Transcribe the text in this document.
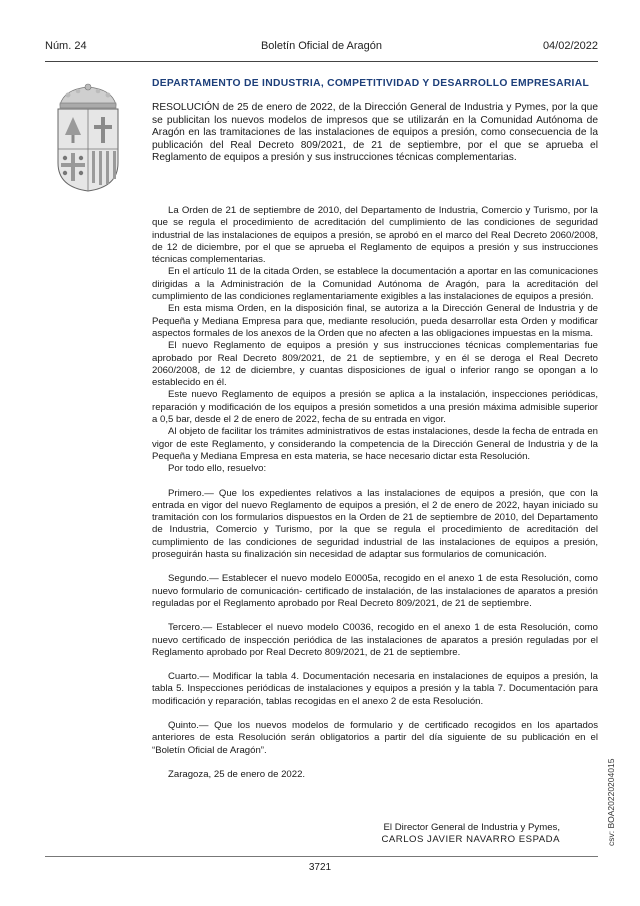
Núm. 24	Boletín Oficial de Aragón	04/02/2022

DEPARTAMENTO DE INDUSTRIA, COMPETITIVIDAD Y DESARROLLO EMPRESARIAL

RESOLUCIÓN de 25 de enero de 2022, de la Dirección General de Industria y Pymes, por la que se publicitan los nuevos modelos de impresos que se utilizarán en la Comunidad Autónoma de Aragón en las tramitaciones de las instalaciones de equipos a presión, como consecuencia de la publicación del Real Decreto 809/2021, de 21 de septiembre, por el que se aprueba el Reglamento de equipos a presión y sus instrucciones técnicas complementarias.

La Orden de 21 de septiembre de 2010, del Departamento de Industria, Comercio y Turismo, por la que se regula el procedimiento de acreditación del cumplimiento de las condiciones de seguridad industrial de las instalaciones de equipos a presión, se aprobó en el marco del Real Decreto 2060/2008, de 12 de diciembre, por el que se aprueba el Reglamento de equipos a presión y sus instrucciones técnicas complementarias.

En el artículo 11 de la citada Orden, se establece la documentación a aportar en las comunicaciones dirigidas a la Administración de la Comunidad Autónoma de Aragón, para la acreditación del cumplimiento de las condiciones reglamentariamente exigibles a las instalaciones de equipos a presión.

En esta misma Orden, en la disposición final, se autoriza a la Dirección General de Industria y de Pequeña y Mediana Empresa para que, mediante resolución, pueda desarrollar esta Orden y modificar aspectos formales de los anexos de la Orden que no afecten a las obligaciones impuestas en la misma.

El nuevo Reglamento de equipos a presión y sus instrucciones técnicas complementarias fue aprobado por Real Decreto 809/2021, de 21 de septiembre, y en él se deroga el Real Decreto 2060/2008, de 12 de diciembre, y cuantas disposiciones de igual o inferior rango se opongan a lo establecido en él.

Este nuevo Reglamento de equipos a presión se aplica a la instalación, inspecciones periódicas, reparación y modificación de los equipos a presión sometidos a una presión máxima admisible superior a 0,5 bar, desde el 2 de enero de 2022, fecha de su entrada en vigor.

Al objeto de facilitar los trámites administrativos de estas instalaciones, desde la fecha de entrada en vigor de este Reglamento, y considerando la competencia de la Dirección General de Industria y de la Pequeña y Mediana Empresa en esta materia, se hace necesario dictar esta Resolución.

Por todo ello, resuelvo:

Primero.— Que los expedientes relativos a las instalaciones de equipos a presión, que con la entrada en vigor del nuevo Reglamento de equipos a presión, el 2 de enero de 2022, hayan iniciado su tramitación con los formularios dispuestos en la Orden de 21 de septiembre de 2010, del Departamento de Industria, Comercio y Turismo, por la que se regula el procedimiento de acreditación del cumplimiento de las condiciones de seguridad industrial de las instalaciones de equipos a presión, proseguirán hasta su finalización sin necesidad de adaptar sus formularios de comunicación.

Segundo.— Establecer el nuevo modelo E0005a, recogido en el anexo 1 de esta Resolución, como nuevo formulario de comunicación- certificado de instalación, de las instalaciones de aparatos a presión reguladas por el Reglamento aprobado por Real Decreto 809/2021, de 21 de septiembre.

Tercero.— Establecer el nuevo modelo C0036, recogido en el anexo 1 de esta Resolución, como nuevo certificado de inspección periódica de las instalaciones de aparatos a presión reguladas por el Reglamento aprobado por Real Decreto 809/2021, de 21 de septiembre.

Cuarto.— Modificar la tabla 4. Documentación necesaria en instalaciones de equipos a presión, la tabla 5. Inspecciones periódicas de instalaciones y equipos a presión y la tabla 7. Documentación para modificación y reparación, tablas recogidas en el anexo 2 de esta Resolución.

Quinto.— Que los nuevos modelos de formulario y de certificado recogidos en los apartados anteriores de esta Resolución serán obligatorios a partir del día siguiente de su publicación en el “Boletín Oficial de Aragón”.

Zaragoza, 25 de enero de 2022.

El Director General de Industria y Pymes,
CARLOS JAVIER NAVARRO ESPADA
3721
csv: BOA20220204015
